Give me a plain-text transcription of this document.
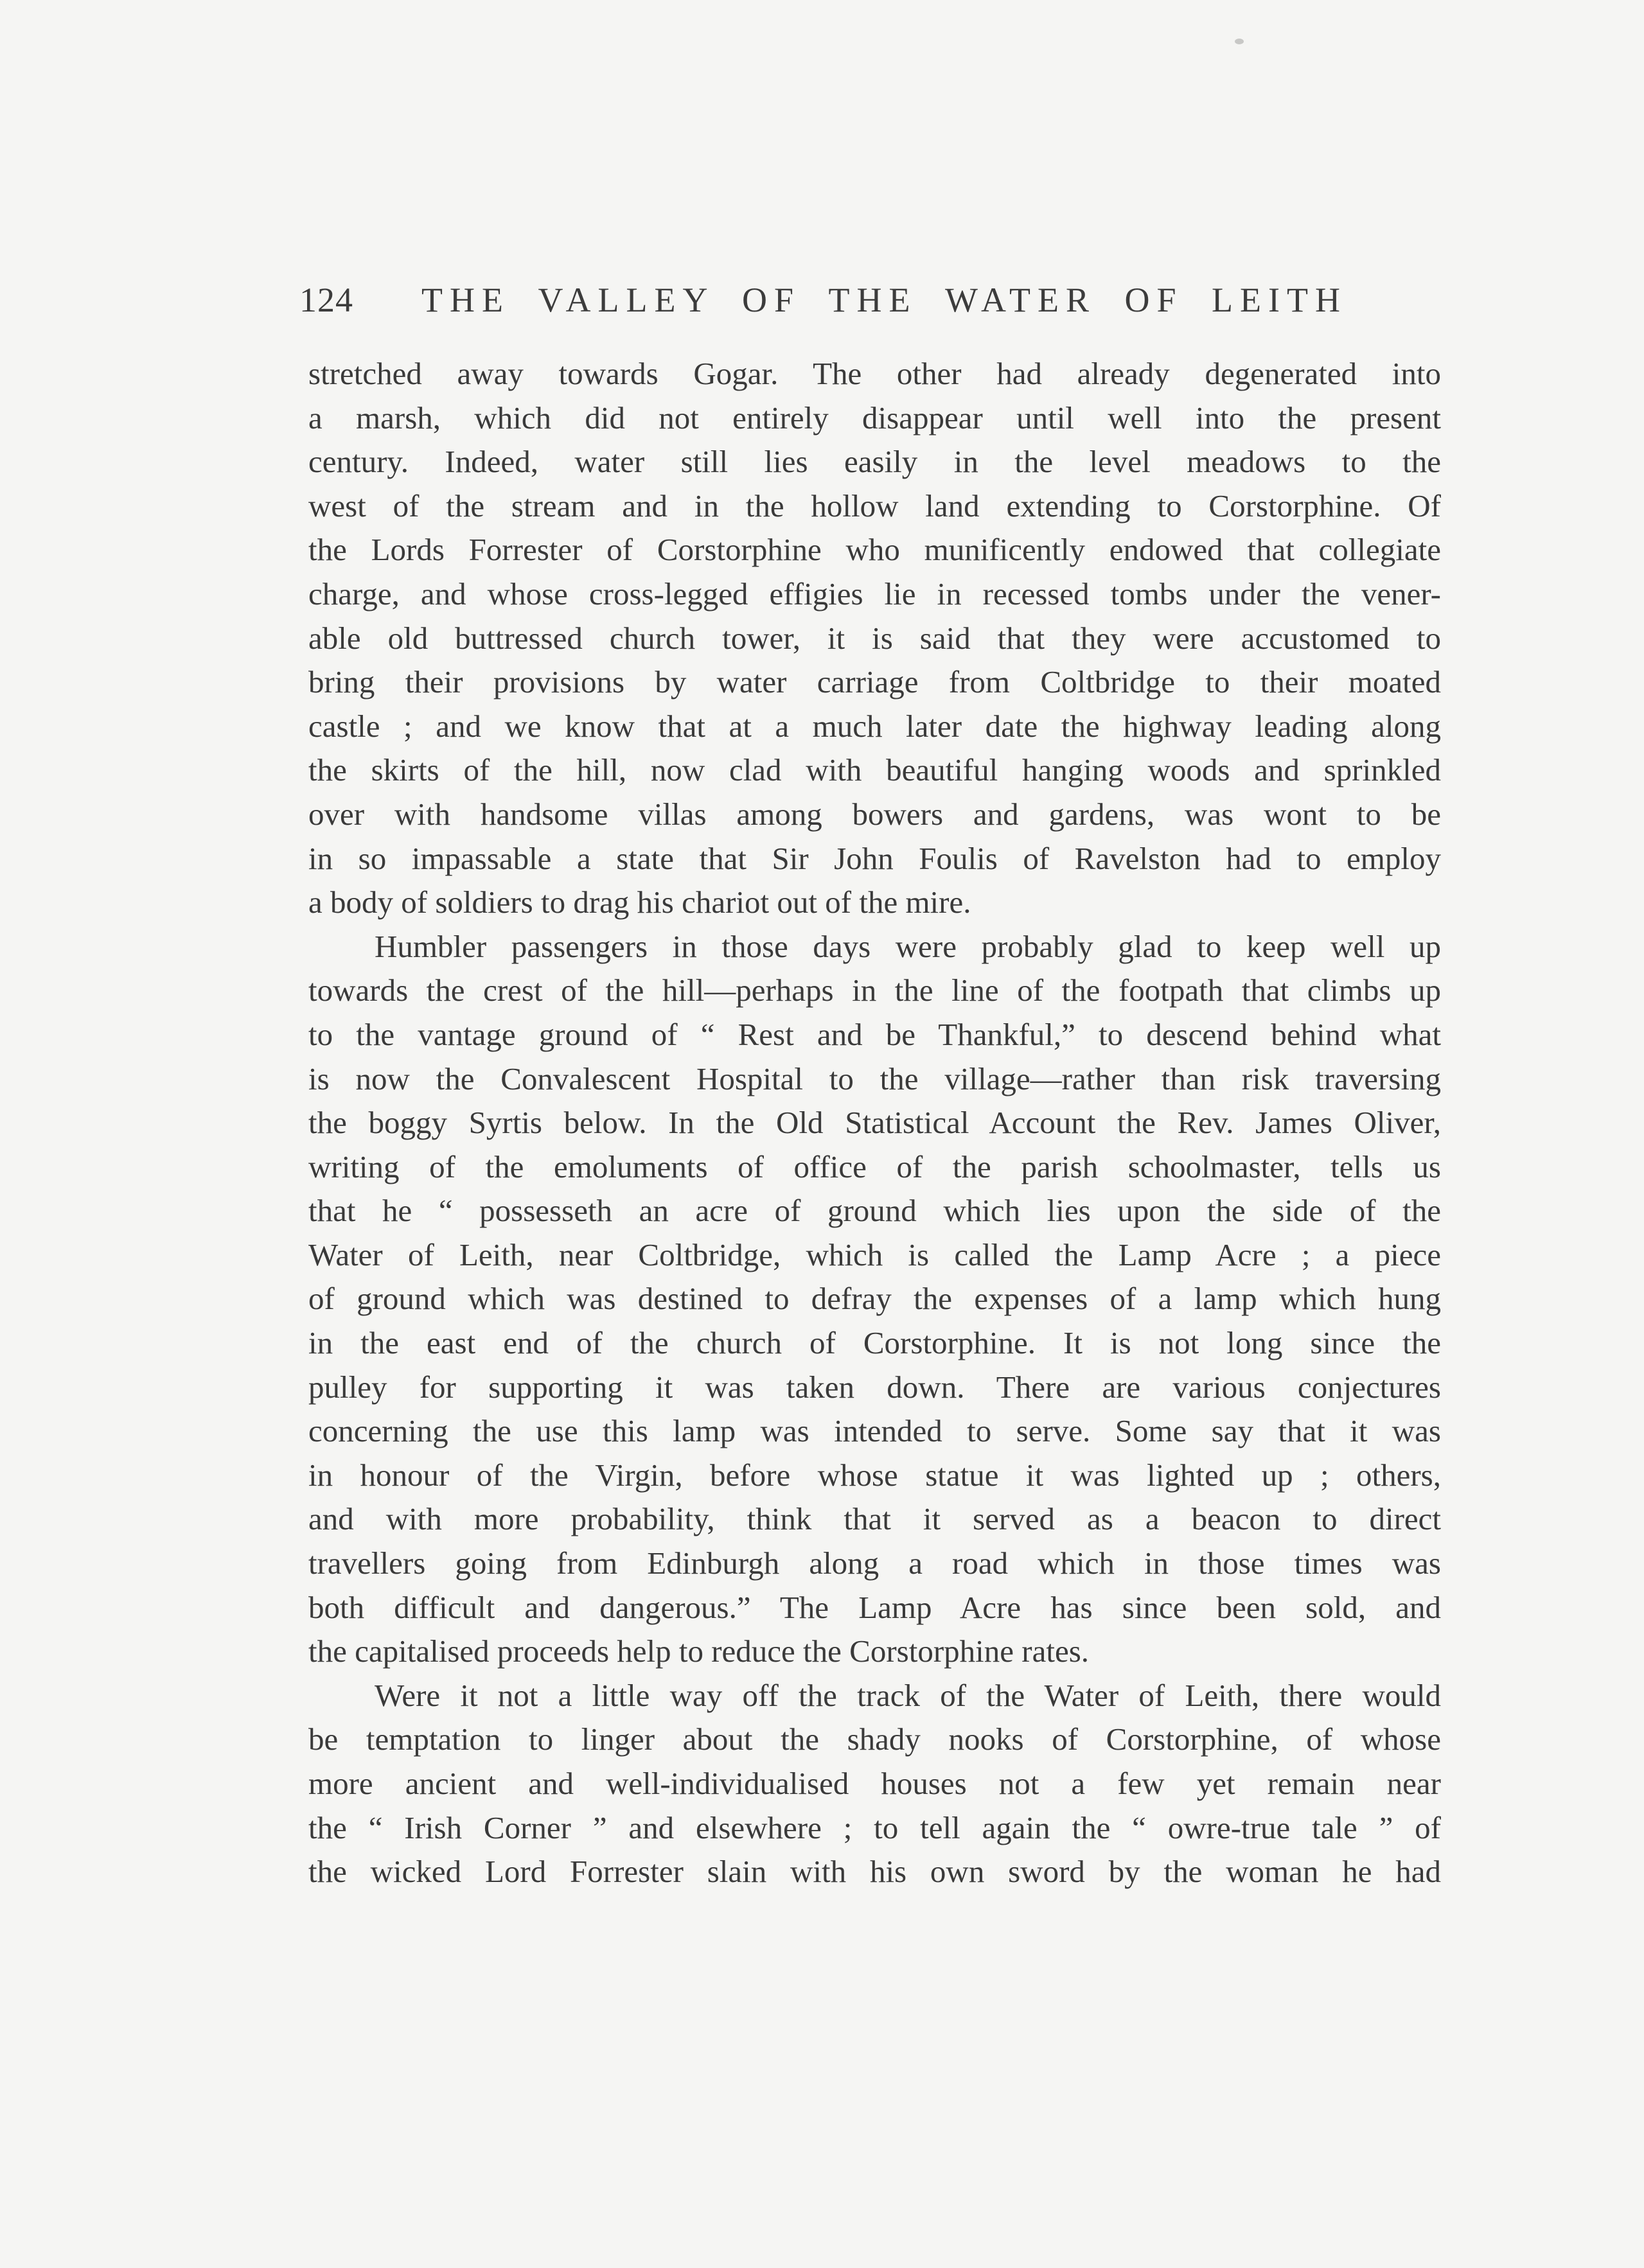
124 THE VALLEY OF THE WATER OF LEITH
stretched away towards Gogar. The other had already degenerated into
a marsh, which did not entirely disappear until well into the present
century. Indeed, water still lies easily in the level meadows to the
west of the stream and in the hollow land extending to Corstorphine. Of
the Lords Forrester of Corstorphine who munificently endowed that collegiate
charge, and whose cross-legged effigies lie in recessed tombs under the vener-
able old buttressed church tower, it is said that they were accustomed to
bring their provisions by water carriage from Coltbridge to their moated
castle ; and we know that at a much later date the highway leading along
the skirts of the hill, now clad with beautiful hanging woods and sprinkled
over with handsome villas among bowers and gardens, was wont to be
in so impassable a state that Sir John Foulis of Ravelston had to employ
a body of soldiers to drag his chariot out of the mire.
Humbler passengers in those days were probably glad to keep well up
towards the crest of the hill—perhaps in the line of the footpath that climbs up
to the vantage ground of “ Rest and be Thankful,” to descend behind what
is now the Convalescent Hospital to the village—rather than risk traversing
the boggy Syrtis below. In the Old Statistical Account the Rev. James Oliver,
writing of the emoluments of office of the parish schoolmaster, tells us
that he “ possesseth an acre of ground which lies upon the side of the
Water of Leith, near Coltbridge, which is called the Lamp Acre ; a piece
of ground which was destined to defray the expenses of a lamp which hung
in the east end of the church of Corstorphine. It is not long since the
pulley for supporting it was taken down. There are various conjectures
concerning the use this lamp was intended to serve. Some say that it was
in honour of the Virgin, before whose statue it was lighted up ; others,
and with more probability, think that it served as a beacon to direct
travellers going from Edinburgh along a road which in those times was
both difficult and dangerous.” The Lamp Acre has since been sold, and
the capitalised proceeds help to reduce the Corstorphine rates.
Were it not a little way off the track of the Water of Leith, there would
be temptation to linger about the shady nooks of Corstorphine, of whose
more ancient and well-individualised houses not a few yet remain near
the “ Irish Corner ” and elsewhere ; to tell again the “ owre-true tale ” of
the wicked Lord Forrester slain with his own sword by the woman he had
